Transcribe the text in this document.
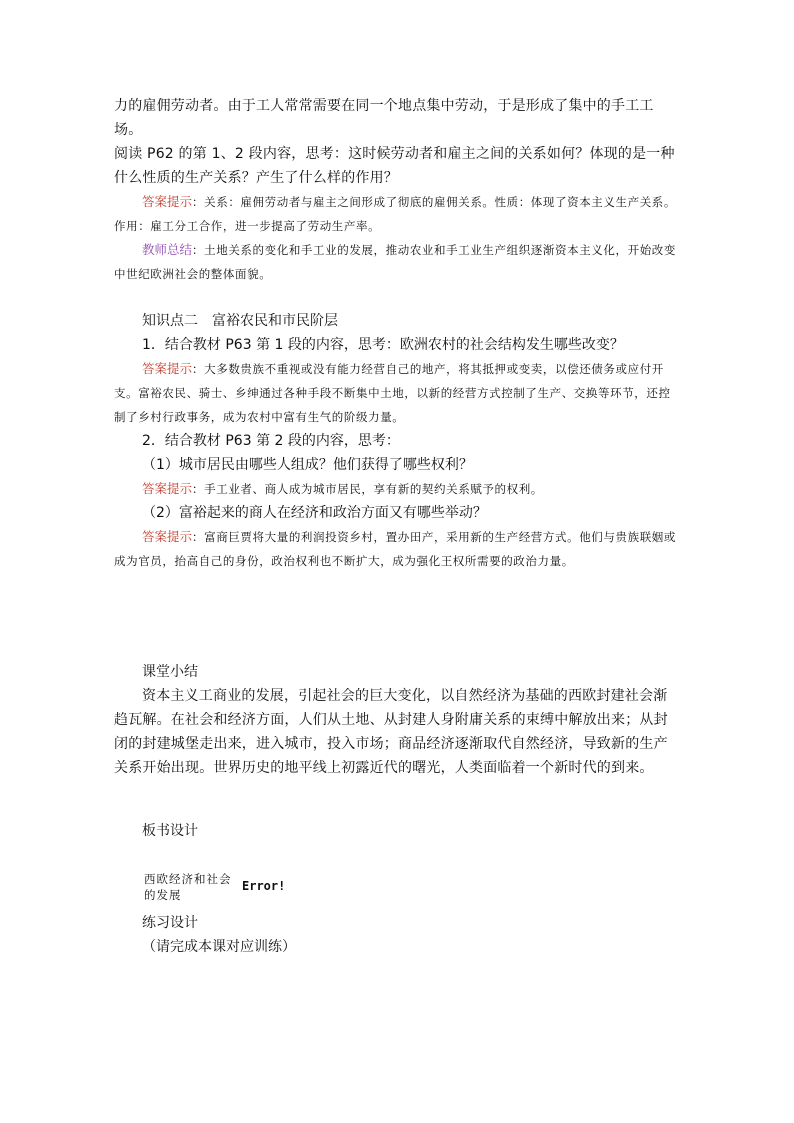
力的雇佣劳动者。由于工人常常需要在同一个地点集中劳动，于是形成了集中的手工工场。

阅读 P62 的第 1、2 段内容，思考：这时候劳动者和雇主之间的关系如何？体现的是一种什么性质的生产关系？产生了什么样的作用？

答案提示：关系：雇佣劳动者与雇主之间形成了彻底的雇佣关系。性质：体现了资本主义生产关系。作用：雇工分工合作，进一步提高了劳动生产率。

教师总结：土地关系的变化和手工业的发展，推动农业和手工业生产组织逐渐资本主义化，开始改变中世纪欧洲社会的整体面貌。

知识点二　富裕农民和市民阶层

1．结合教材 P63 第 1 段的内容，思考：欧洲农村的社会结构发生哪些改变？

答案提示：大多数贵族不重视或没有能力经营自己的地产，将其抵押或变卖，以偿还债务或应付开支。富裕农民、骑士、乡绅通过各种手段不断集中土地，以新的经营方式控制了生产、交换等环节，还控制了乡村行政事务，成为农村中富有生气的阶级力量。

2．结合教材 P63 第 2 段的内容，思考：

（1）城市居民由哪些人组成？他们获得了哪些权利？

答案提示：手工业者、商人成为城市居民，享有新的契约关系赋予的权利。

（2）富裕起来的商人在经济和政治方面又有哪些举动？

答案提示：富商巨贾将大量的利润投资乡村，置办田产，采用新的生产经营方式。他们与贵族联姻或成为官员，抬高自己的身份，政治权利也不断扩大，成为强化王权所需要的政治力量。

课堂小结

资本主义工商业的发展，引起社会的巨大变化，以自然经济为基础的西欧封建社会渐趋瓦解。在社会和经济方面，人们从土地、从封建人身附庸关系的束缚中解放出来；从封闭的封建城堡走出来，进入城市，投入市场；商品经济逐渐取代自然经济，导致新的生产关系开始出现。世界历史的地平线上初露近代的曙光，人类面临着一个新时代的到来。

板书设计

西欧经济和社会
的发展
Error!

练习设计

（请完成本课对应训练）
